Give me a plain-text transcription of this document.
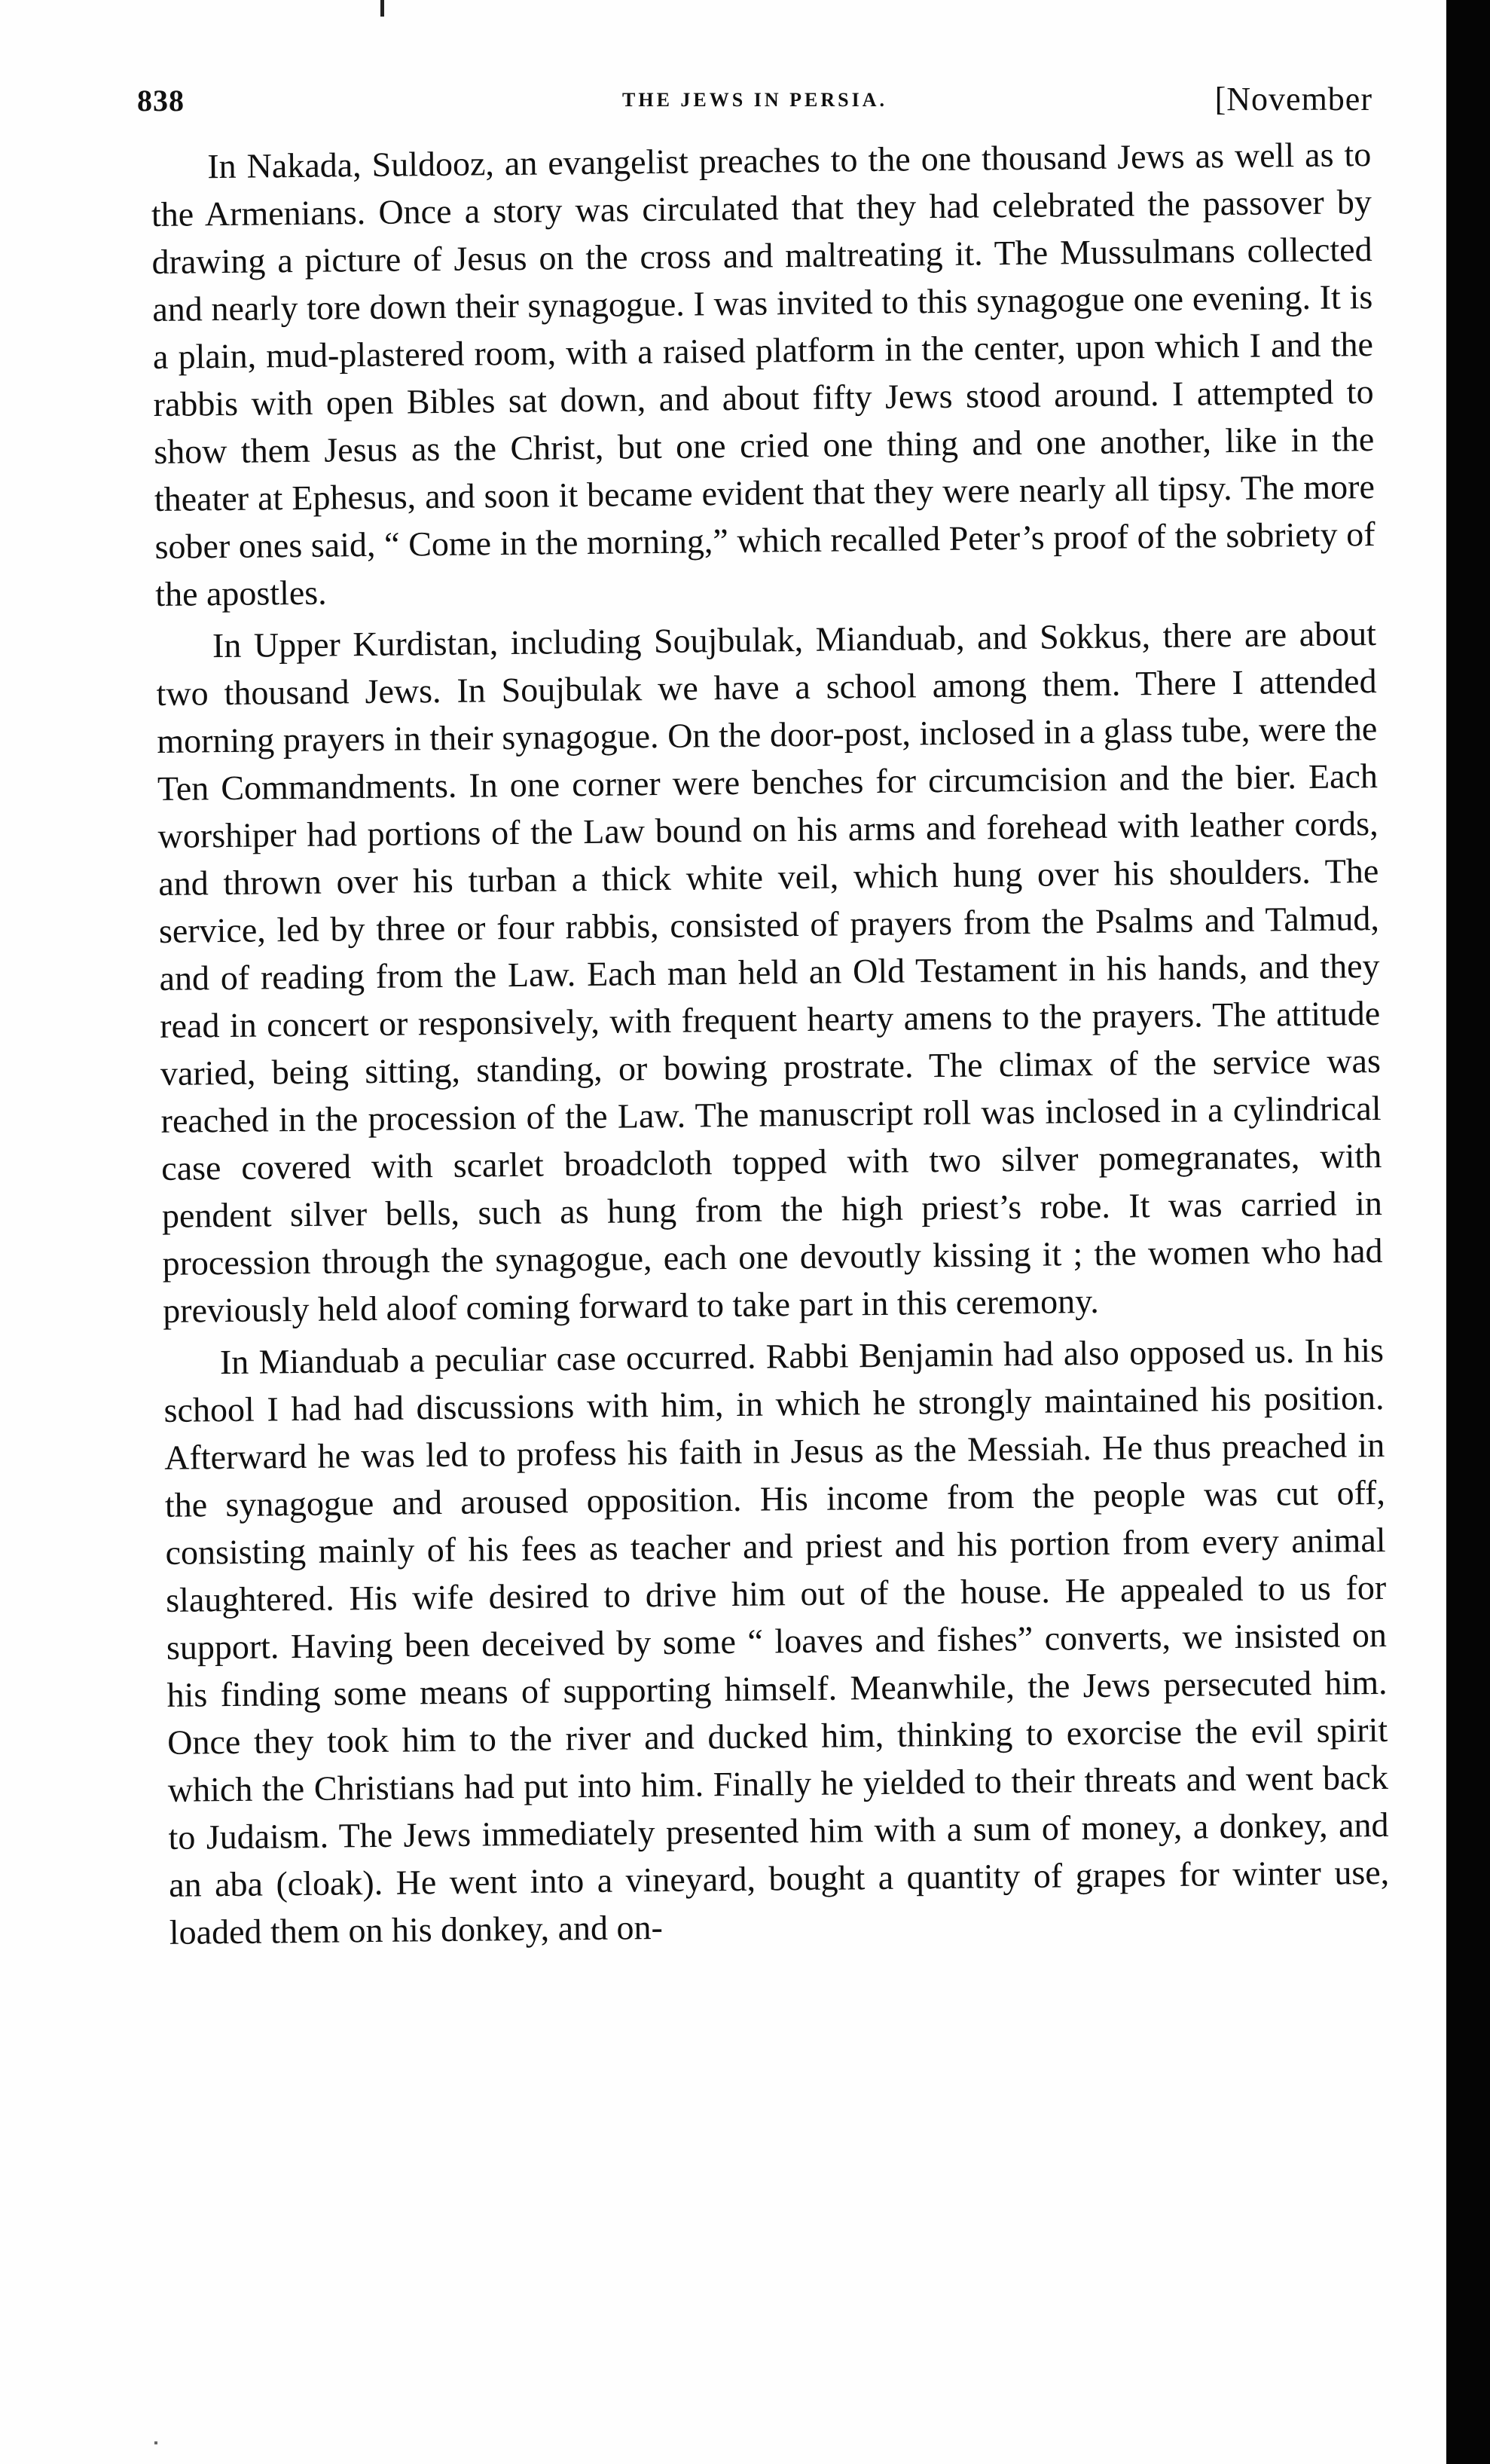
838	THE JEWS IN PERSIA.	[November

In Nakada, Suldooz, an evangelist preaches to the one thousand Jews as well as to the Armenians. Once a story was circulated that they had celebrated the passover by drawing a picture of Jesus on the cross and maltreating it. The Mussulmans collected and nearly tore down their synagogue. I was invited to this synagogue one evening. It is a plain, mud-plastered room, with a raised platform in the center, upon which I and the rabbis with open Bibles sat down, and about fifty Jews stood around. I attempted to show them Jesus as the Christ, but one cried one thing and one another, like in the theater at Ephesus, and soon it became evident that they were nearly all tipsy. The more sober ones said, “ Come in the morning,” which recalled Peter’s proof of the sobriety of the apostles.

In Upper Kurdistan, including Soujbulak, Mianduab, and Sokkus, there are about two thousand Jews. In Soujbulak we have a school among them. There I attended morning prayers in their synagogue. On the door-post, inclosed in a glass tube, were the Ten Commandments. In one corner were benches for circumcision and the bier. Each worshiper had portions of the Law bound on his arms and forehead with leather cords, and thrown over his turban a thick white veil, which hung over his shoulders. The service, led by three or four rabbis, consisted of prayers from the Psalms and Talmud, and of reading from the Law. Each man held an Old Testament in his hands, and they read in concert or responsively, with frequent hearty amens to the prayers. The attitude varied, being sitting, standing, or bowing prostrate. The climax of the service was reached in the procession of the Law. The manuscript roll was inclosed in a cylindrical case covered with scarlet broadcloth topped with two silver pomegranates, with pendent silver bells, such as hung from the high priest’s robe. It was carried in procession through the synagogue, each one devoutly kissing it ; the women who had previously held aloof coming forward to take part in this ceremony.

In Mianduab a peculiar case occurred. Rabbi Benjamin had also opposed us. In his school I had had discussions with him, in which he strongly maintained his position. Afterward he was led to profess his faith in Jesus as the Messiah. He thus preached in the synagogue and aroused opposition. His income from the people was cut off, consisting mainly of his fees as teacher and priest and his portion from every animal slaughtered. His wife desired to drive him out of the house. He appealed to us for support. Having been deceived by some “ loaves and fishes” converts, we insisted on his finding some means of supporting himself. Meanwhile, the Jews persecuted him. Once they took him to the river and ducked him, thinking to exorcise the evil spirit which the Christians had put into him. Finally he yielded to their threats and went back to Judaism. The Jews immediately presented him with a sum of money, a donkey, and an aba (cloak). He went into a vineyard, bought a quantity of grapes for winter use, loaded them on his donkey, and on-
